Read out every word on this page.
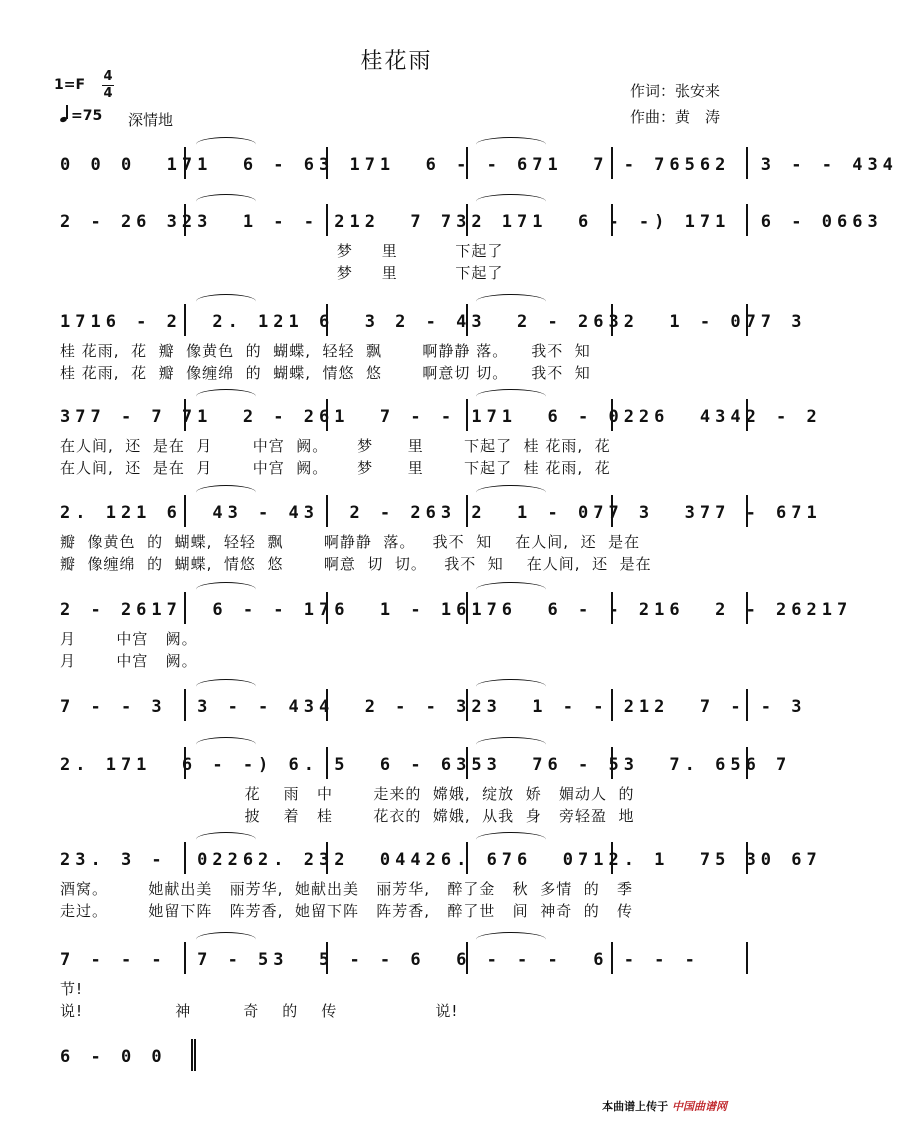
桂花雨
1=F
4
4
=75 深情地
作词：张安来
作曲：黄　涛
0 0 0  171  6 - 63 171  6 - - 671  7 - 76562  3 - - 434
2 - 26 323  1 - - 212  7 732 171  6 - -) 171  6 - 0663
梦     里          下起了
梦     里          下起了
1716 - 2  2. 121 6  3 2 - 43  2 - 2632  1 - 077 3
桂 花雨,  花  瓣  像黄色  的  蝴蝶,  轻轻  飘       啊静静 落。    我不  知
桂 花雨,  花  瓣  像缠绵  的  蝴蝶,  情悠  悠       啊意切 切。    我不  知
377 - 7 71  2 - 261  7 - - 171  6 - 0226  4342 - 2
在人间,  还  是在  月       中宫  阙。     梦      里       下起了  桂 花雨,  花
在人间,  还  是在  月       中宫  阙。     梦      里       下起了  桂 花雨,  花
2. 121 6  43 - 43  2 - 263 2  1 - 077 3  377 - 671
瓣  像黄色  的  蝴蝶,  轻轻  飘       啊静静  落。   我不  知    在人间,  还  是在
瓣  像缠绵  的  蝴蝶,  情悠  悠       啊意  切  切。   我不  知    在人间,  还  是在
2 - 2617  6 - - 176  1 - 16176  6 - - 216  2 - 26217
月       中宫   阙。
月       中宫   阙。
7 - - 3  3 - - 434  2 - - 323  1 - - 212  7 - - 3
2. 171  6 - -) 6. 5  6 - 6353  76 - 53  7. 656 7
花    雨   中       走来的  嫦娥,  绽放  娇   媚动人  的
披    着   桂       花衣的  嫦娥,  从我  身   旁轻盈  地
23. 3 -  02262. 232  04426. 676  0712. 1  75 30 67
酒窝。       她献出美   丽芳华,  她献出美   丽芳华,   醉了金   秋  多情  的   季
走过。       她留下阵   阵芳香,  她留下阵   阵芳香,   醉了世   间  神奇  的   传
7 - - -  7 - 53  5 - - 6  6 - - -  6 - - -
节!
说!                神         奇    的    传                 说!
6 - 0 0
本曲谱上传于 中国曲谱网
